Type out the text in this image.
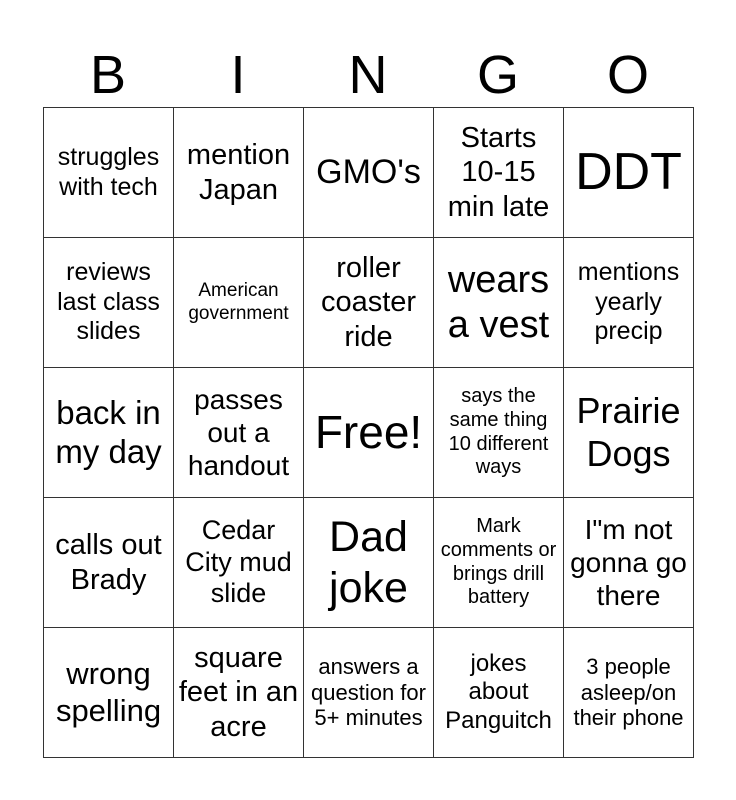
B	I	N	G	O
struggles with tech	mention Japan	GMO's	Starts 10-15 min late	DDT
reviews last class slides	American government	roller coaster ride	wears a vest	mentions yearly precip
back in my day	passes out a handout	Free!	says the same thing 10 different ways	Prairie Dogs
calls out Brady	Cedar City mud slide	Dad joke	Mark comments or brings drill battery	I"m not gonna go there
wrong spelling	square feet in an acre	answers a question for 5+ minutes	jokes about Panguitch	3 people asleep/on their phone
